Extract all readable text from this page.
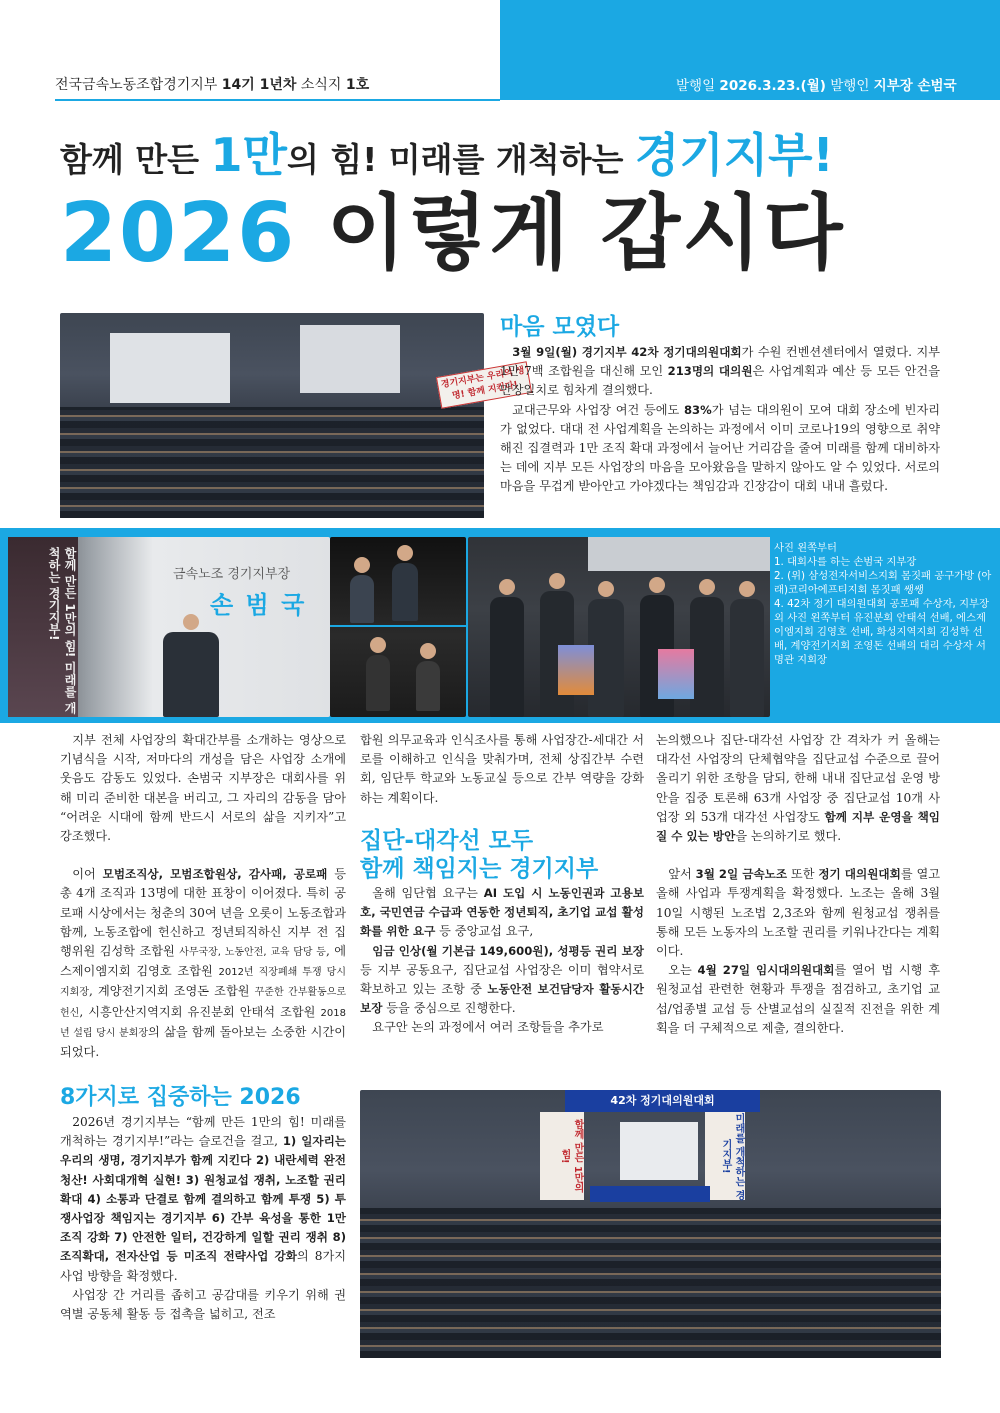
전국금속노동조합경기지부 14기 1년차 소식지 1호	발행일 2026.3.23.(월) 발행인 지부장 손범국
함께 만든 1만의 힘! 미래를 개척하는 경기지부!
2026 이렇게 갑시다
경기지부는 우리의 생명! 함께 지킨다!
마음 모였다

3월 9일(월) 경기지부 42차 정기대의원대회가 수원 컨벤션센터에서 열렸다. 지부 1만 7백 조합원을 대신해 모인 213명의 대의원은 사업계획과 예산 등 모든 안건을 만장일치로 힘차게 결의했다.

교대근무와 사업장 여건 등에도 83%가 넘는 대의원이 모여 대회 장소에 빈자리가 없었다. 대대 전 사업계획을 논의하는 과정에서 이미 코로나19의 영향으로 취약해진 집결력과 1만 조직 확대 과정에서 늘어난 거리감을 줄여 미래를 함께 대비하자는 데에 지부 모든 사업장의 마음을 모아왔음을 말하지 않아도 알 수 있었다. 서로의 마음을 무겁게 받아안고 가야겠다는 책임감과 긴장감이 대회 내내 흘렀다.

함께 만든 1만의 힘! 미래를 개척하는 경기지부!	금속노조 경기지부장
손 범 국
사진 왼쪽부터
1. 대회사를 하는 손범국 지부장
2. (위) 삼성전자서비스지회 몸짓패 공구가방 (아래)코리아에프티지회 몸짓패 쌩쌩
4. 42차 정기 대의원대회 공로패 수상자, 지부장 외 사진 왼쪽부터 유진분회 안태석 선배, 에스제이엠지회 김영호 선배, 화성지역지회 김성학 선배, 계양전기지회 조영돈 선배의 대리 수상자 서명관 지회장

지부 전체 사업장의 확대간부를 소개하는 영상으로 기념식을 시작, 저마다의 개성을 담은 사업장 소개에 웃음도 감동도 있었다. 손범국 지부장은 대회사를 위해 미리 준비한 대본을 버리고, 그 자리의 감동을 담아 “어려운 시대에 함께 반드시 서로의 삶을 지키자”고 강조했다.

이어 모범조직상, 모범조합원상, 감사패, 공로패 등 총 4개 조직과 13명에 대한 표창이 이어졌다. 특히 공로패 시상에서는 청춘의 30여 년을 오롯이 노동조합과 함께, 노동조합에 헌신하고 정년퇴직하신 지부 전 집행위원 김성학 조합원 사무국장, 노동안전, 교육 담당 등, 에스제이엠지회 김영호 조합원 2012년 직장폐쇄 투쟁 당시 지회장, 계양전기지회 조영돈 조합원 꾸준한 간부활동으로 헌신, 시흥안산지역지회 유진분회 안태석 조합원 2018년 설립 당시 분회장의 삶을 함께 돌아보는 소중한 시간이 되었다.

8가지로 집중하는 2026

2026년 경기지부는 “함께 만든 1만의 힘! 미래를 개척하는 경기지부!”라는 슬로건을 걸고, 1) 일자리는 우리의 생명, 경기지부가 함께 지킨다 2) 내란세력 완전 청산! 사회대개혁 실현! 3) 원청교섭 쟁취, 노조할 권리 확대 4) 소통과 단결로 함께 결의하고 함께 투쟁 5) 투쟁사업장 책임지는 경기지부 6) 간부 육성을 통한 1만 조직 강화 7) 안전한 일터, 건강하게 일할 권리 쟁취 8) 조직확대, 전자산업 등 미조직 전략사업 강화의 8가지 사업 방향을 확정했다.

사업장 간 거리를 좁히고 공감대를 키우기 위해 권역별 공동체 활동 등 접촉을 넓히고, 전조

합원 의무교육과 인식조사를 통해 사업장간-세대간 서로를 이해하고 인식을 맞춰가며, 전체 상집간부 수련회, 임단투 학교와 노동교실 등으로 간부 역량을 강화하는 계획이다.

집단-대각선 모두
함께 책임지는 경기지부

올해 임단협 요구는 AI 도입 시 노동인권과 고용보호, 국민연금 수급과 연동한 정년퇴직, 초기업 교섭 활성화를 위한 요구 등 중앙교섭 요구,

임금 인상(월 기본급 149,600원), 성평등 권리 보장 등 지부 공동요구, 집단교섭 사업장은 이미 협약서로 확보하고 있는 조항 중 노동안전 보건담당자 활동시간 보장 등을 중심으로 진행한다.

요구안 논의 과정에서 여러 조항들을 추가로

논의했으나 집단-대각선 사업장 간 격차가 커 올해는 대각선 사업장의 단체협약을 집단교섭 수준으로 끌어올리기 위한 조항을 담되, 한해 내내 집단교섭 운영 방안을 집중 토론해 63개 사업장 중 집단교섭 10개 사업장 외 53개 대각선 사업장도 함께 지부 운영을 책임질 수 있는 방안을 논의하기로 했다.

앞서 3월 2일 금속노조 또한 정기 대의원대회를 열고 올해 사업과 투쟁계획을 확정했다. 노조는 올해 3월 10일 시행된 노조법 2,3조와 함께 원청교섭 쟁취를 통해 모든 노동자의 노조할 권리를 키워나간다는 계획이다.

오는 4월 27일 임시대의원대회를 열어 법 시행 후 원청교섭 관련한 현황과 투쟁을 점검하고, 초기업 교섭/업종별 교섭 등 산별교섭의 실질적 진전을 위한 계획을 더 구체적으로 제출, 결의한다.

42차 정기대의원대회
함께 만든 1만의 힘!	미래를 개척하는 경기지부!
